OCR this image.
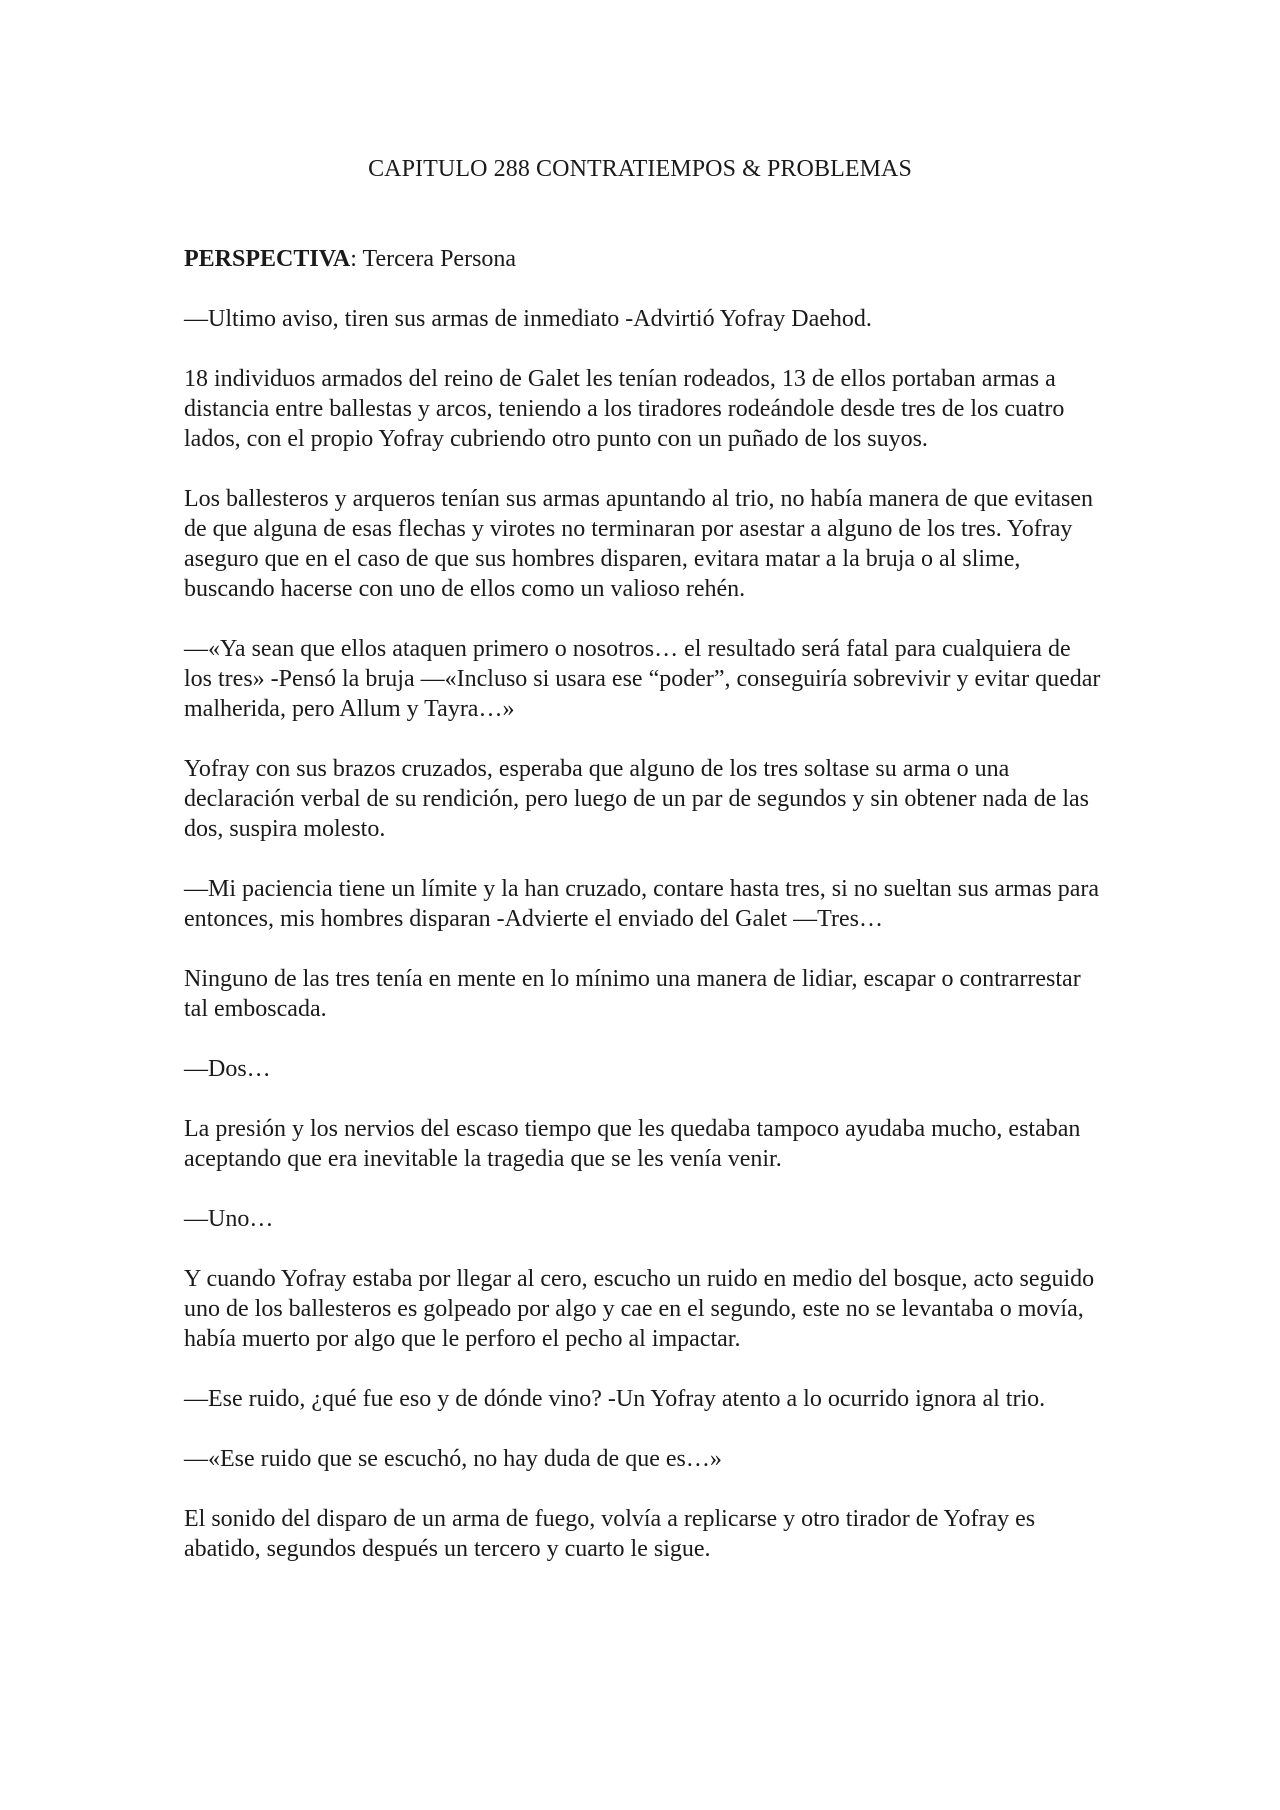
CAPITULO 288 CONTRATIEMPOS & PROBLEMAS

PERSPECTIVA: Tercera Persona

—Ultimo aviso, tiren sus armas de inmediato -Advirtió Yofray Daehod.

18 individuos armados del reino de Galet les tenían rodeados, 13 de ellos portaban armas a distancia entre ballestas y arcos, teniendo a los tiradores rodeándole desde tres de los cuatro lados, con el propio Yofray cubriendo otro punto con un puñado de los suyos.

Los ballesteros y arqueros tenían sus armas apuntando al trio, no había manera de que evitasen de que alguna de esas flechas y virotes no terminaran por asestar a alguno de los tres. Yofray aseguro que en el caso de que sus hombres disparen, evitara matar a la bruja o al slime, buscando hacerse con uno de ellos como un valioso rehén.

—«Ya sean que ellos ataquen primero o nosotros… el resultado será fatal para cualquiera de los tres» -Pensó la bruja —«Incluso si usara ese “poder”, conseguiría sobrevivir y evitar quedar malherida, pero Allum y Tayra…»

Yofray con sus brazos cruzados, esperaba que alguno de los tres soltase su arma o una declaración verbal de su rendición, pero luego de un par de segundos y sin obtener nada de las dos, suspira molesto.

—Mi paciencia tiene un límite y la han cruzado, contare hasta tres, si no sueltan sus armas para entonces, mis hombres disparan -Advierte el enviado del Galet —Tres…

Ninguno de las tres tenía en mente en lo mínimo una manera de lidiar, escapar o contrarrestar tal emboscada.

—Dos…

La presión y los nervios del escaso tiempo que les quedaba tampoco ayudaba mucho, estaban aceptando que era inevitable la tragedia que se les venía venir.

—Uno…

Y cuando Yofray estaba por llegar al cero, escucho un ruido en medio del bosque, acto seguido uno de los ballesteros es golpeado por algo y cae en el segundo, este no se levantaba o movía, había muerto por algo que le perforo el pecho al impactar.

—Ese ruido, ¿qué fue eso y de dónde vino? -Un Yofray atento a lo ocurrido ignora al trio.

—«Ese ruido que se escuchó, no hay duda de que es…»

El sonido del disparo de un arma de fuego, volvía a replicarse y otro tirador de Yofray es abatido, segundos después un tercero y cuarto le sigue.
